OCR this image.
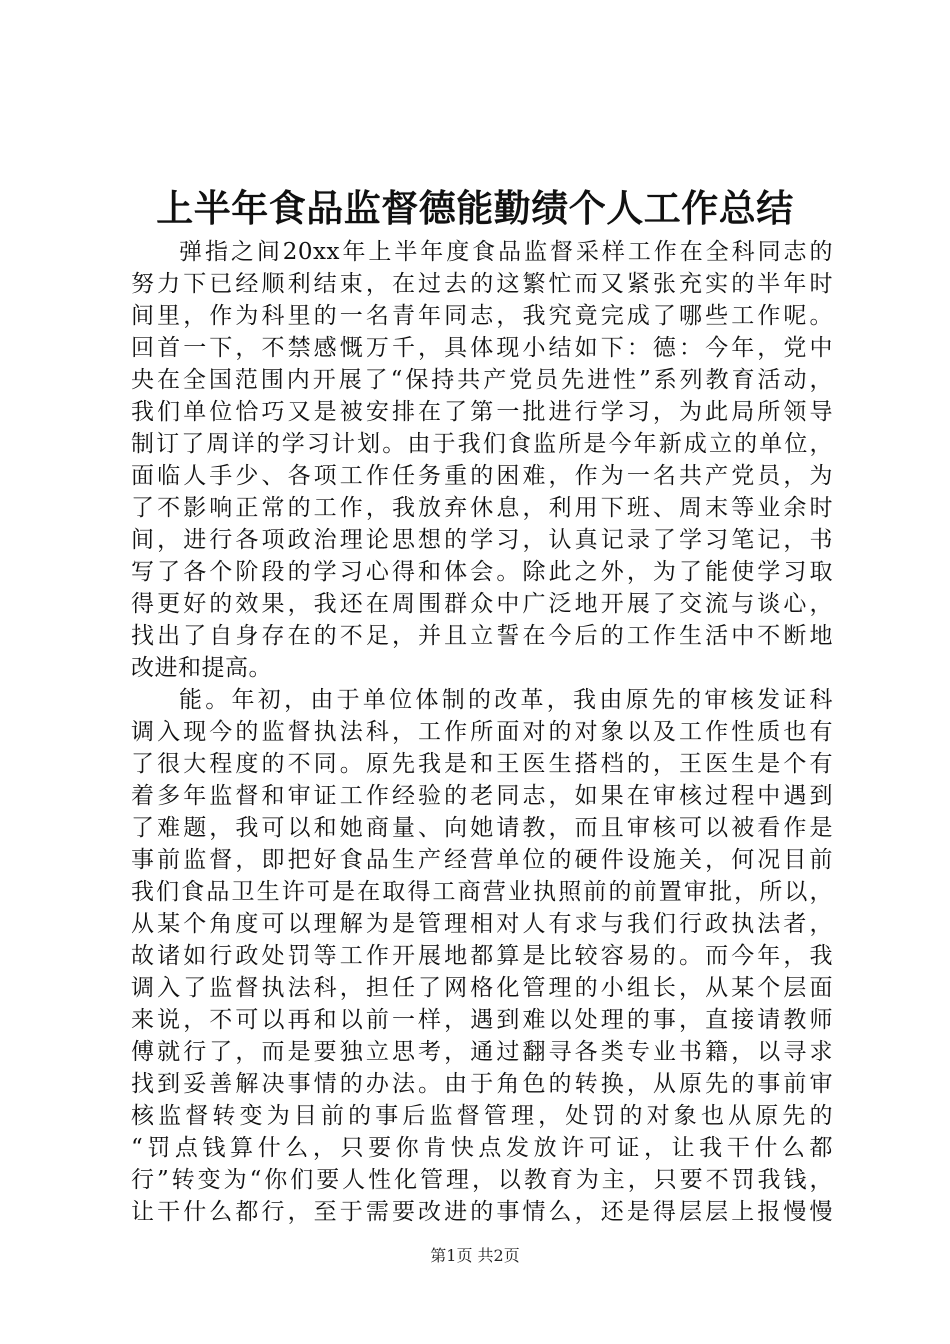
上半年食品监督德能勤绩个人工作总结
弹指之间20xx年上半年度食品监督采样工作在全科同志的
努力下已经顺利结束，在过去的这繁忙而又紧张充实的半年时
间里，作为科里的一名青年同志，我究竟完成了哪些工作呢。
回首一下，不禁感慨万千，具体现小结如下：德：今年，党中
央在全国范围内开展了“保持共产党员先进性”系列教育活动，
我们单位恰巧又是被安排在了第一批进行学习，为此局所领导
制订了周详的学习计划。由于我们食监所是今年新成立的单位，
面临人手少、各项工作任务重的困难，作为一名共产党员，为
了不影响正常的工作，我放弃休息，利用下班、周末等业余时
间，进行各项政治理论思想的学习，认真记录了学习笔记，书
写了各个阶段的学习心得和体会。除此之外，为了能使学习取
得更好的效果，我还在周围群众中广泛地开展了交流与谈心，
找出了自身存在的不足，并且立誓在今后的工作生活中不断地
改进和提高。
能。年初，由于单位体制的改革，我由原先的审核发证科
调入现今的监督执法科，工作所面对的对象以及工作性质也有
了很大程度的不同。原先我是和王医生搭档的，王医生是个有
着多年监督和审证工作经验的老同志，如果在审核过程中遇到
了难题，我可以和她商量、向她请教，而且审核可以被看作是
事前监督，即把好食品生产经营单位的硬件设施关，何况目前
我们食品卫生许可是在取得工商营业执照前的前置审批，所以，
从某个角度可以理解为是管理相对人有求与我们行政执法者，
故诸如行政处罚等工作开展地都算是比较容易的。而今年，我
调入了监督执法科，担任了网格化管理的小组长，从某个层面
来说，不可以再和以前一样，遇到难以处理的事，直接请教师
傅就行了，而是要独立思考，通过翻寻各类专业书籍，以寻求
找到妥善解决事情的办法。由于角色的转换，从原先的事前审
核监督转变为目前的事后监督管理，处罚的对象也从原先的
“罚点钱算什么，只要你肯快点发放许可证，让我干什么都
行”转变为“你们要人性化管理，以教育为主，只要不罚我钱，
让干什么都行，至于需要改进的事情么，还是得层层上报慢慢
第1页 共2页
